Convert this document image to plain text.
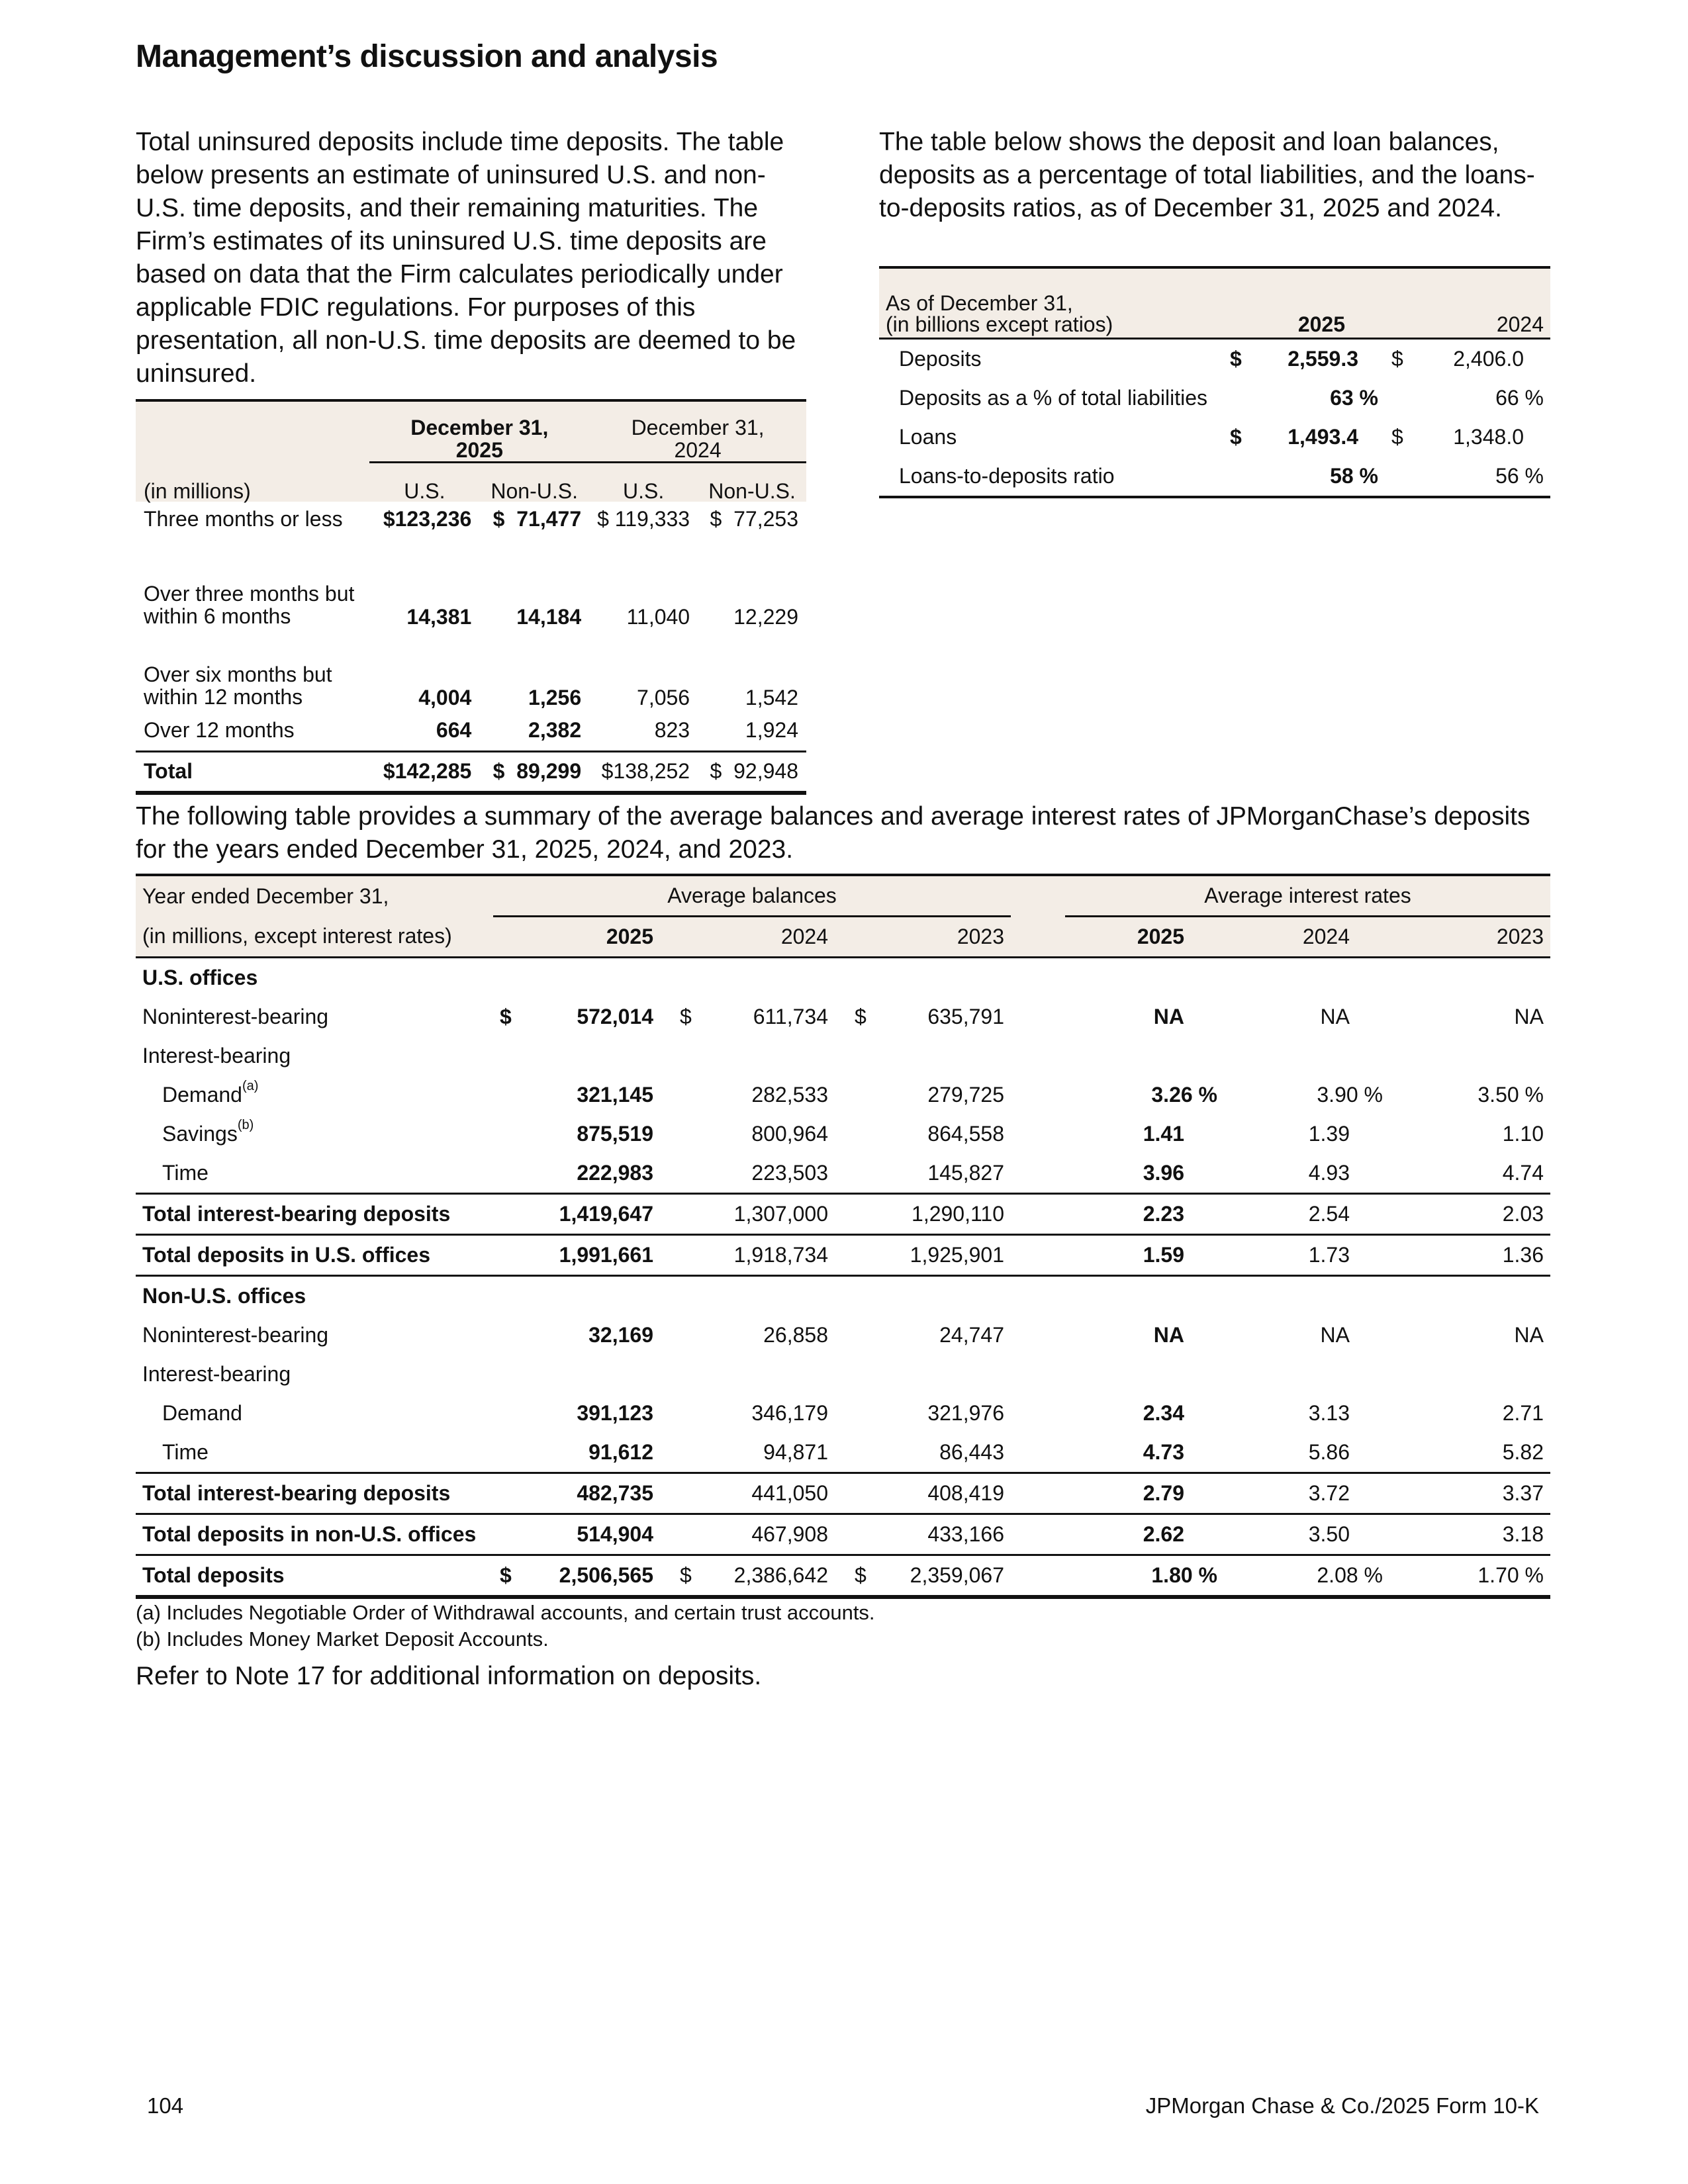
Management’s discussion and analysis
Total uninsured deposits include time deposits. The table below presents an estimate of uninsured U.S. and non-U.S. time deposits, and their remaining maturities. The Firm’s estimates of its uninsured U.S. time deposits are based on data that the Firm calculates periodically under applicable FDIC regulations. For purposes of this presentation, all non-U.S. time deposits are deemed to be uninsured.
The table below shows the deposit and loan balances, deposits as a percentage of total liabilities, and the loans-to-deposits ratios, as of December 31, 2025 and 2024.
	December 31, 2025		December 31, 2024	
(in millions)	U.S.	Non-U.S.	U.S.	Non-U.S.
Three months or less	$123,236	$  71,477	$ 119,333	$  77,253
Over three months but within 6 months	14,381	14,184	11,040	12,229
Over six months but within 12 months	4,004	1,256	7,056	1,542
Over 12 months	664	2,382	823	1,924
Total	$142,285	$  89,299	$138,252	$  92,948
As of December 31,
(in billions except ratios)		2025		2024
Deposits	$	2,559.3	$	2,406.0
Deposits as a % of total liabilities		63 %		66 %
Loans	$	1,493.4	$	1,348.0
Loans-to-deposits ratio		58 %		56 %
The following table provides a summary of the average balances and average interest rates of JPMorganChase’s deposits for the years ended December 31, 2025, 2024, and 2023.
Year ended December 31,	Average balances							Average interest rates		
(in millions, except interest rates)	2025		2024		2023			2025	2024	2023
U.S. offices										
Noninterest-bearing	$	572,014	$	611,734	$	635,791		NA	NA	NA
Interest-bearing										
Demand$^{(a)}$		321,145		282,533		279,725		3.26 %	3.90 %	3.50 %
Savings$^{(b)}$		875,519		800,964		864,558		1.41	1.39	1.10
Time		222,983		223,503		145,827		3.96	4.93	4.74
Total interest-bearing deposits		1,419,647		1,307,000		1,290,110		2.23	2.54	2.03
Total deposits in U.S. offices		1,991,661		1,918,734		1,925,901		1.59	1.73	1.36
Non-U.S. offices										
Noninterest-bearing		32,169		26,858		24,747		NA	NA	NA
Interest-bearing										
Demand		391,123		346,179		321,976		2.34	3.13	2.71
Time		91,612		94,871		86,443		4.73	5.86	5.82
Total interest-bearing deposits		482,735		441,050		408,419		2.79	3.72	3.37
Total deposits in non-U.S. offices		514,904		467,908		433,166		2.62	3.50	3.18
Total deposits	$	2,506,565	$	2,386,642	$	2,359,067		1.80 %	2.08 %	1.70 %
(a) Includes Negotiable Order of Withdrawal accounts, and certain trust accounts.
(b) Includes Money Market Deposit Accounts.
Refer to Note 17 for additional information on deposits.
104	JPMorgan Chase & Co./2025 Form 10-K
